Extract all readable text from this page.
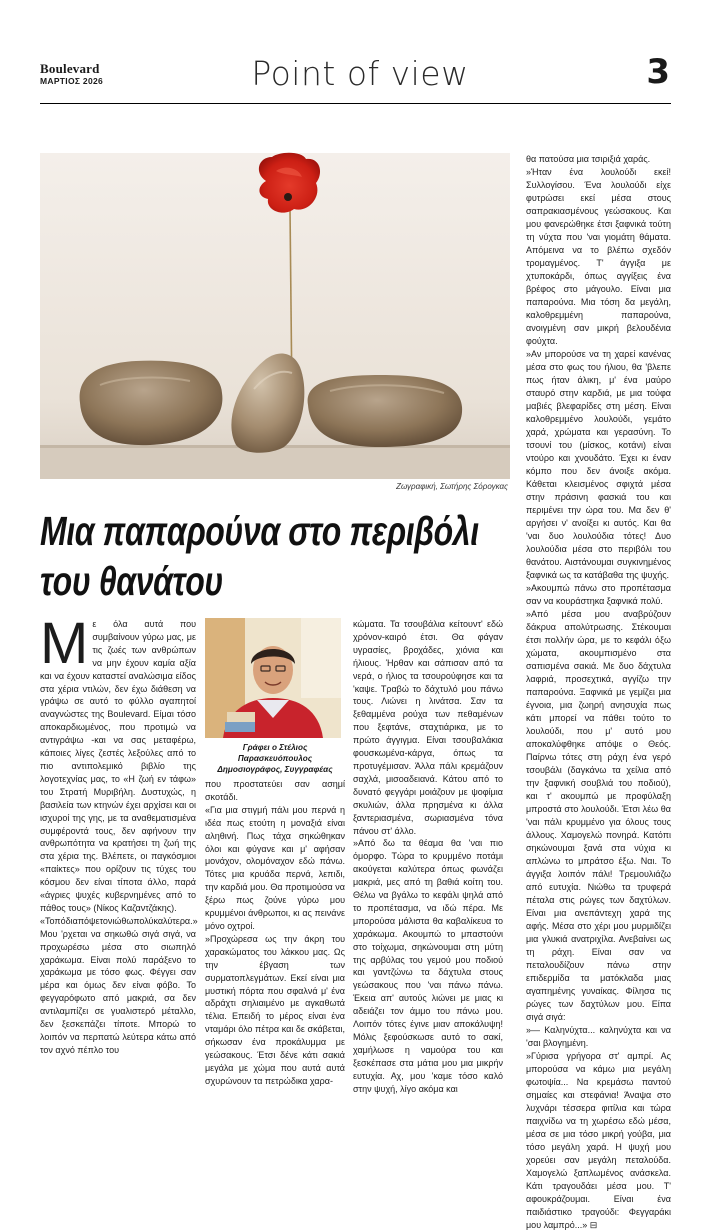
Boulevard
ΜΑΡΤΙΟΣ 2026	Point of view	3
Ζωγραφική, Σωτήρης Σόρογκας
Μια παπαρούνα στο περιβόλι
του θανάτου
Μ ε όλα αυτά που συμβαίνουν γύρω μας, με τις ζωές των ανθρώπων να μην έχουν καμία αξία και να έχουν καταστεί αναλώσιμα είδος στα χέρια ντιλών, δεν έχω διάθεση να γράψω σε αυτό το φύλλο αγαπητοί αναγνώστες της Boulevard. Είμαι τόσο αποκαρδιωμένος, που προτιμώ να αντιγράψω -και να σας μεταφέρω, κάποιες λίγες ζεστές λεξούλες από το πιο αντιπολεμικό βιβλίο της λογοτεχνίας μας, το «Η ζωή εν τάφω» του Στρατή Μυριβήλη. Δυστυχώς, η βασιλεία των κτηνών έχει αρχίσει και οι ισχυροί της γης, με τα αναθεματισμένα συμφέροντά τους, δεν αφήνουν την ανθρωπότητα να κρατήσει τη ζωή της στα χέρια της. Βλέπετε, οι παγκόσμιοι «παίκτες» που ορίζουν τις τύχες του κόσμου δεν είναι τίποτα άλλο, παρά «άγριες ψυχές κυβερνημένες από το πάθος τους» (Νίκος Καζαντζάκης).

«Τοπόδιαπόψετονιώθωπολύκαλύτερα.» Μου 'ρχεται να σηκωθώ σιγά σιγά, να προχωρέσω μέσα στο σιωπηλό χαράκωμα. Είναι πολύ παράξενο το χαράκωμα με τόσο φως. Φέγγει σαν μέρα και όμως δεν είναι φόβο. Το φεγγαρόφωτο από μακριά, σα δεν αντιλαμπίζει σε γυαλιστερό μέταλλο, δεν ξεσκεπάζει τίποτε. Μπορώ το λοιπόν να περπατώ λεύτερα κάτω από τον αχνό πέπλο του

Γράφει ο Στέλιος Παρασκευόπουλος
Δημοσιογράφος, Συγγραφέας

που προστατεύει σαν ασημί σκοτάδι.

«Για μια στιγμή πάλι μου περνά η ιδέα πως ετούτη η μοναξιά είναι αληθινή. Πως τάχα σηκώθηκαν όλοι και φύγανε και μ' αφήσαν μονάχον, ολομόναχον εδώ πάνω. Τότες μια κρυάδα περνά, λεπιδι, την καρδιά μου. Θα προτιμούσα να ξέρω πως ζούνε γύρω μου κρυμμένοι άνθρωποι, κι ας πεινάνε μόνο οχτροί.

»Προχώρεσα ως την άκρη του χαρακώματος του λάκκου μας. Ως την έβγαση των συρματοπλεγμάτων. Εκεί είναι μια μυστική πόρτα που σφαλνά μ' ένα αδράχτι σηλιαιμένο με αγκαθωτά τέλια. Επειδή το μέρος είναι ένα νταμάρι όλο πέτρα και δε σκάβεται, σήκωσαν ένα προκάλυμμα με γεώσακους. Έτσι δένε κάτι σακιά μεγάλα με χώμα που αυτά αυτά σχυρώνουν τα πετρώδικα χαρα-

κώματα. Τα τσουβάλια κείτουντ' εδώ χρόνον-καιρό έτσι. Θα φάγαν υγρασίες, βροχάδες, χιόνια και ήλιους. Ήρθαν και σάπισαν από τα νερά, ο ήλιος τα τσουρούφησε και τα 'καψε. Τραβώ το δάχτυλό μου πάνω τους. Λιώνει η λινάτσα. Σαν τα ξεθαμμένα ρούχα των πεθαμένων που ξεφτάνε, σταχτιάρικα, με το πρώτο άγγιγμα. Είναι τσουβαλάκια φουσκωμένα-κάργα, όπως τα προτυγέμισαν. Άλλα πάλι κρεμάζουν σαχλά, μισοαδειανά. Κάτου από το δυνατό φεγγάρι μοιάζουν με ψοφίμια σκυλιών, άλλα πρησμένα κι άλλα ξαντεριασμένα, σωριασμένα τόνα πάνου στ' άλλο.

»Από δω τα θέαμα θα 'ναι πιο όμορφο. Τώρα το κρυμμένο ποτάμι ακούγεται καλύτερα όπως φωνάζει μακριά, μες από τη βαθιά κοίτη του. Θέλω να βγάλω το κεφάλι ψηλά από το προπέτασμα, να ιδώ πέρα. Με μπορούσα μάλιστα θα καβαλίκευα το χαράκωμα. Ακουμπώ το μπαστούνι στο τοίχωμα, σηκώνουμαι στη μύτη της αρβύλας του γεμού μου ποδιού και γαντζώνω τα δάχτυλα στους γεώσακους που 'ναι πάνω πάνω. Έκεια απ' αυτούς λιώνει με μιας κι αδειάζει τον άμμο του πάνω μου. Λοιπόν τότες έγινε μιαν αποκάλυψη! Μόλις ξεφούσκωσε αυτό το σακί, χαμήλωσε η ναμούρα του και ξεσκέπασε στα μάτια μου μια μικρήν ευτυχία. Αχ, μου 'καμε τόσο καλό στην ψυχή, λίγο ακόμα και

θα πατούσα μια τσιριξιά χαράς.

»Ήταν ένα λουλούδι εκεί! Συλλογίσου. Ένα λουλούδι είχε φυτρώσει εκεί μέσα στους σαπρακιασμένους γεώσακους. Και μου φανερώθηκε έτσι ξαφνικά τούτη τη νύχτα που 'ναι γιομάτη θάματα. Απόμεινα να το βλέπω σχεδόν τρομαγμένος. Τ' άγγιξα με χτυποκάρδι, όπως αγγίξεις ένα βρέφος στο μάγουλο. Είναι μια παπαρούνα. Μια τόση δα μεγάλη, καλοθρεμμένη παπαρούνα, ανοιγμένη σαν μικρή βελουδένια φούχτα.

»Αν μπορούσε να τη χαρεί κανένας μέσα στο φως του ήλιου, θα 'βλεπε πως ήταν άλικη, μ' ένα μαύρο σταυρό στην καρδιά, με μια τούφα μαβιές βλεφαρίδες στη μέση. Είναι καλοθρεμμένο λουλούδι, γεμάτο χαρά, χρώματα και γερασύνη. Το τσουνί του (μίσκος, κοτάνι) είναι ντούρο και χνουδάτο. Έχει κι έναν κόμπο που δεν άνοιξε ακόμα. Κάθεται κλεισμένος σφιχτά μέσα στην πράσινη φασκιά του και περιμένει την ώρα του. Μα δεν θ' αργήσει ν' ανοίξει κι αυτός. Και θα 'ναι δυο λουλούδια τότες! Δυο λουλούδια μέσα στο περιβόλι του θανάτου. Αιστάνουμαι συγκινημένος ξαφνικά ως τα κατάβαθα της ψυχής.

»Ακουμπώ πάνω στο προπέτασμα σαν να κουράστηκα ξαφνικά πολύ.

»Από μέσα μου αναβρύζουν δάκρυα απολύτρωσης. Στέκουμαι έτσι πολλήν ώρα, με το κεφάλι όξω χώματα, ακουμπισμένο στα σαπισμένα σακιά. Με δυο δάχτυλα λαφριά, προσεχτικά, αγγίζω την παπαρούνα. Ξαφνικά με γεμίζει μια έγνοια, μια ζωηρή ανησυχία πως κάτι μπορεί να πάθει τούτο το λουλούδι, που μ' αυτό μου αποκαλύφθηκε απόψε ο Θεός. Παίρνω τότες στη ράχη ένα γερό τσουβάλι (δαγκάνω τα χείλια από την ξαφνική σουβλιά του ποδιού), και τ' ακουμπώ με προφύλαξη μπροστά στο λουλούδι. Έτσι λέω θα 'ναι πάλι κρυμμένο για όλους τους άλλους. Χαμογελώ πονηρά. Κατόπι σηκώνουμαι ξανά στα νύχια κι απλώνω το μπράτσο έξω. Ναι. Το άγγιξα λοιπόν πάλι! Τρεμουλιάζω από ευτυχία. Νιώθω τα τρυφερά πέταλα στις ρώγες των δαχτύλων. Είναι μια ανεπάντεχη χαρά της αφής. Μέσα στο χέρι μου μυρμιδίζει μια γλυκιά ανατριχίλα. Ανεβαίνει ως τη ράχη. Είναι σαν να πεταλουδίζουν πάνω στην επιδερμίδα τα ματόκλαδα μιας αγαπημένης γυναίκας. Φίλησα τις ρώγες των δαχτύλων μου. Είπα σιγά σιγά:

»— Καληνύχτα... καληνύχτα και να 'σαι βλογημένη.

»Γύρισα γρήγορα στ' αμπρί. Ας μπορούσα να κάμω μια μεγάλη φωτοψία... Να κρεμάσω παντού σημαίες και στεφάνια! Άναψα στο λυχνάρι τέσσερα φιτίλια και τώρα παιχνίδω να τη χωρέσω εδώ μέσα, μέσα σε μια τόσο μικρή γούβα, μια τόσο μεγάλη χαρά. Η ψυχή μου χορεύει σαν μεγάλη πεταλούδα. Χαμογελώ ξαπλωμένος ανάσκελα. Κάτι τραγουδάει μέσα μου. Τ' αφουκράζουμαι. Είναι ένα παιδιάστικο τραγούδι: Φεγγαράκι μου λαμπρό...» ⊟
